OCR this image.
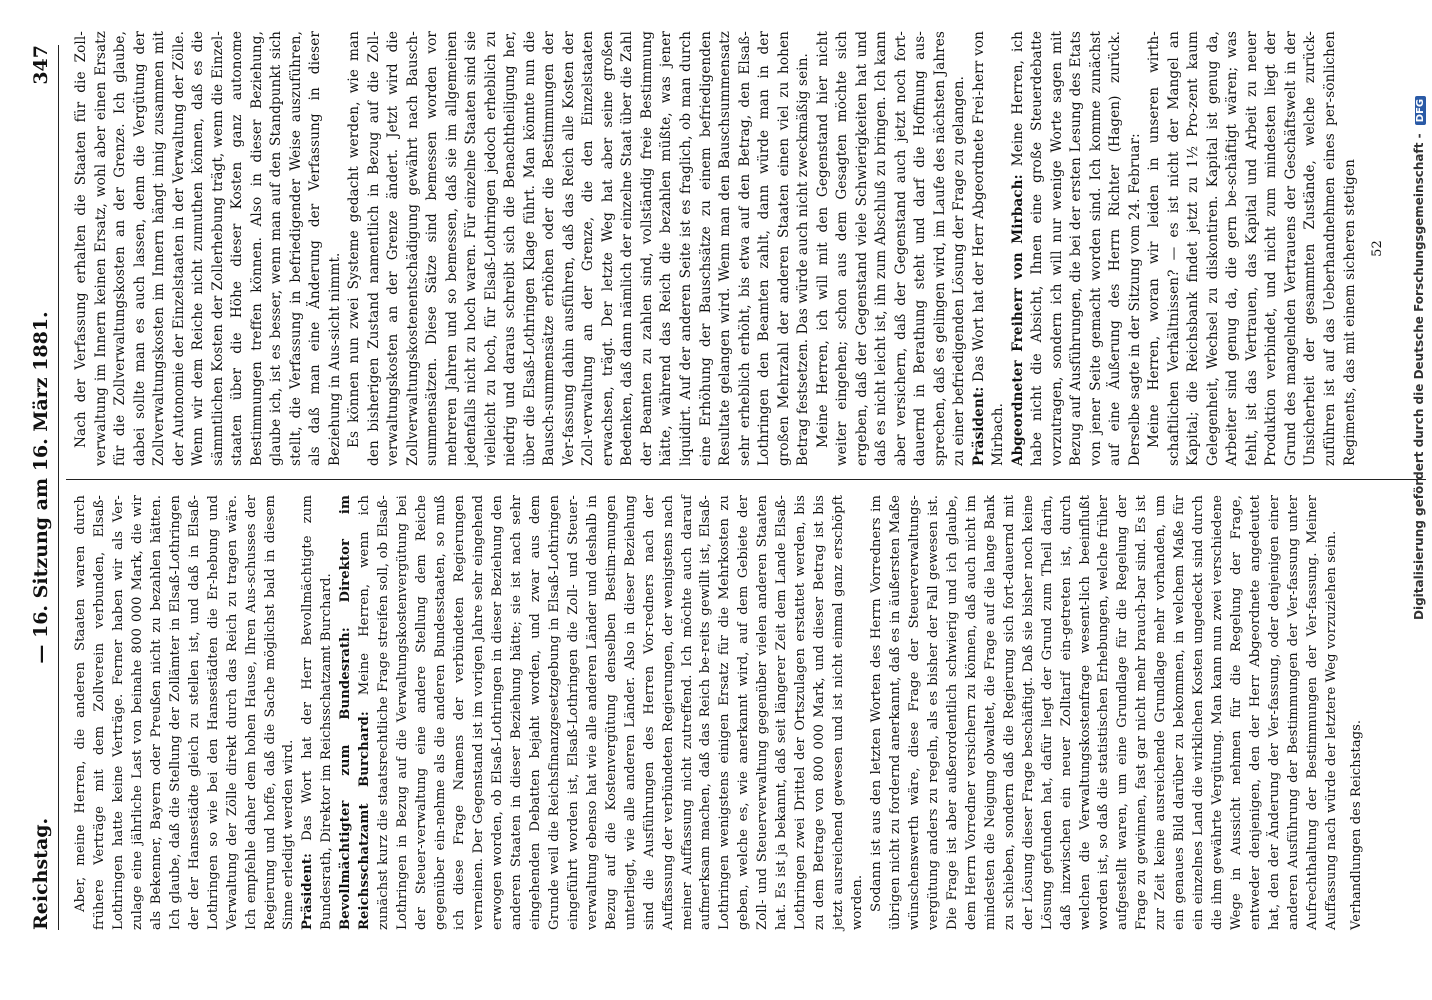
Reichstag.
— 16. Sitzung am 16. März 1881.
347

Aber, meine Herren, die anderen Staaten waren durch frühere Verträge mit dem Zollverein verbunden, Elsaß-Lothringen hatte keine Verträge. Ferner haben wir als Ver-zulage eine jährliche Last von beinahe 800 000 Mark, die wir als Bekenner, Bayern oder Preußen nicht zu bezahlen hätten. Ich glaube, daß die Stellung der Zollämter in Elsaß-Lothringen der der Hansestädte gleich zu stellen ist, und daß in Elsaß-Lothringen so wie bei den Hansestädten die Er-hebung und Verwaltung der Zölle direkt durch das Reich zu tragen wäre. Ich empfehle daher dem hohen Hause, Ihren Aus-schusses der Regierung und hoffe, daß die Sache möglichst bald in diesem Sinne erledigt werden wird. Präsident: Das Wort hat der Herr Bevollmächtigte zum Bundesrath, Direktor im Reichsschatzamt Burchard. Bevollmächtigter zum Bundesrath: Direktor im Reichsschatzamt Burchard: Meine Herren, wenn ich zunächst kurz die staatsrechtliche Frage streifen soll, ob Elsaß-Lothringen in Bezug auf die Verwaltungskostenvergütung bei der Steuer-verwaltung eine andere Stellung dem Reiche gegenüber ein-nehme als die anderen Bundesstaaten, so muß ich diese Frage Namens der verbündeten Regierungen verneinen. Der Gegenstand ist im vorigen Jahre sehr eingehend erwogen worden, ob Elsaß-Lothringen in dieser Beziehung den anderen Staaten in dieser Beziehung hätte; sie ist nach sehr eingehenden Debatten bejaht worden, und zwar aus dem Grunde weil die Reichsfinanzgesetzgebung in Elsaß-Lothringen eingeführt worden ist, Elsaß-Lothringen die Zoll- und Steuer-verwaltung ebenso hat wie alle anderen Länder und deshalb in Bezug auf die Kostenvergütung denselben Bestim-mungen unterliegt, wie alle anderen Länder. Also in dieser Beziehung sind die Ausführungen des Herren Vor-redners nach der Auffassung der verbündeten Regierungen, der wenigstens nach meiner Auffassung nicht zutreffend. Ich möchte auch darauf aufmerksam machen, daß das Reich be-reits gewillt ist, Elsaß-Lothringen wenigstens einigen Ersatz für die Mehrkosten zu geben, welche es, wie anerkannt wird, auf dem Gebiete der Zoll- und Steuerverwaltung gegenüber vielen anderen Staaten hat. Es ist ja bekannt, daß seit längerer Zeit dem Lande Elsaß-Lothringen zwei Drittel der Ortszulagen erstattet werden, bis zu dem Betrage von 800 000 Mark, und dieser Betrag ist bis jetzt ausreichend gewesen und ist nicht einmal ganz erschöpft worden. Sodann ist aus den letzten Worten des Herrn Vorredners im übrigen nicht zu fordernd anerkannt, daß es in äußersten Maße wünschenswerth wäre, diese Frage der Steuerverwaltungs-vergütung anders zu regeln, als es bisher der Fall gewesen ist. Die Frage ist aber außerordentlich schwierig und ich glaube, dem Herrn Vorredner versichern zu können, daß auch nicht im mindesten die Neigung obwaltet, die Frage auf die lange Bank zu schieben, sondern daß die Regierung sich fort-dauernd mit der Lösung dieser Frage beschäftigt. Daß sie bisher noch keine Lösung gefunden hat, dafür liegt der Grund zum Theil darin, daß inzwischen ein neuer Zolltarif ein-getreten ist, durch welchen die Verwaltungskostenfrage wesent-lich beeinflußt worden ist, so daß die statistischen Erhebungen, welche früher aufgestellt waren, um eine Grundlage für die Regelung der Frage zu gewinnen, fast gar nicht mehr brauch-bar sind. Es ist zur Zeit keine ausreichende Grundlage mehr vorhanden, um ein genaues Bild darüber zu bekommen, in welchem Maße für ein einzelnes Land die wirklichen Kosten ungedeckt sind durch die ihm gewährte Vergütung. Man kann nun zwei verschiedene Wege in Aussicht nehmen für die Regelung der Frage, entweder denjenigen, den der Herr Abgeordnete angedeutet hat, den der Änderung der Ver-fassung, oder denjenigen einer anderen Ausführung der Bestimmungen der Ver-fassung unter Aufrechthaltung der Bestimmungen der Ver-fassung. Meiner Auffassung nach würde der letztere Weg vorzuziehen sein. Verhandlungen des Reichstags.

Nach der Verfassung erhalten die Staaten für die Zoll-verwaltung im Innern keinen Ersatz, wohl aber einen Ersatz für die Zollverwaltungskosten an der Grenze. Ich glaube, dabei sollte man es auch lassen, denn die Vergütung der Zollverwaltungskosten im Innern hängt innig zusammen mit der Autonomie der Einzelstaaten in der Verwaltung der Zölle. Wenn wir dem Reiche nicht zumuthen können, daß es die sämmtlichen Kosten der Zollerhebung trägt, wenn die Einzel-staaten über die Höhe dieser Kosten ganz autonome Bestimmungen treffen können. Also in dieser Beziehung, glaube ich, ist es besser, wenn man auf den Standpunkt sich stellt, die Verfassung in befriedigender Weise auszuführen, als daß man eine Änderung der Verfassung in dieser Beziehung in Aus-sicht nimmt. Es können nun zwei Systeme gedacht werden, wie man den bisherigen Zustand namentlich in Bezug auf die Zoll-verwaltungskosten an der Grenze ändert. Jetzt wird die Zollverwaltungskostenentschädigung gewährt nach Bausch-summensätzen. Diese Sätze sind bemessen worden vor mehreren Jahren und so bemessen, daß sie im allgemeinen jedenfalls nicht zu hoch waren. Für einzelne Staaten sind sie vielleicht zu hoch, für Elsaß-Lothringen jedoch erheblich zu niedrig und daraus schreibt sich die Benachtheiligung her, über die Elsaß-Lothringen Klage führt. Man könnte nun die Bausch-summensätze erhöhen oder die Bestimmungen der Ver-fassung dahin ausführen, daß das Reich alle Kosten der Zoll-verwaltung an der Grenze, die den Einzelstaaten erwachsen, trägt. Der letzte Weg hat aber seine großen Bedenken, daß dann nämlich der einzelne Staat über die Zahl der Beamten zu zahlen sind, vollständig freie Bestimmung hätte, während das Reich die bezahlen müßte, was jener liquidirt. Auf der anderen Seite ist es fraglich, ob man durch eine Erhöhung der Bauschsätze zu einem befriedigenden Resultate gelangen wird. Wenn man den Bauschsummensatz sehr erheblich erhöht, bis etwa auf den Betrag, den Elsaß-Lothringen den Beamten zahlt, dann würde man in der großen Mehrzahl der anderen Staaten einen viel zu hohen Betrag festsetzen. Das würde auch nicht zweckmäßig sein. Meine Herren, ich will mit den Gegenstand hier nicht weiter eingehen; schon aus dem Gesagten möchte sich ergeben, daß der Gegenstand viele Schwierigkeiten hat und daß es nicht leicht ist, ihn zum Abschluß zu bringen. Ich kann aber versichern, daß der Gegenstand auch jetzt noch fort-dauernd in Berathung steht und darf die Hoffnung aus-sprechen, daß es gelingen wird, im Laufe des nächsten Jahres zu einer befriedigenden Lösung der Frage zu gelangen. Präsident: Das Wort hat der Herr Abgeordnete Frei-herr von Mirbach. Abgeordneter Freiherr von Mirbach: Meine Herren, ich habe nicht die Absicht, Ihnen eine große Steuerdebatte vorzutragen, sondern ich will nur wenige Worte sagen mit Bezug auf Ausführungen, die bei der ersten Lesung des Etats von jener Seite gemacht worden sind. Ich komme zunächst auf eine Äußerung des Herrn Richter (Hagen) zurück. Derselbe sagte in der Sitzung vom 24. Februar: Meine Herren, woran wir leiden in unseren wirth-schaftlichen Verhältnissen? — es ist nicht der Mangel an Kapital; die Reichsbank findet jetzt zu 1½ Pro-zent kaum Gelegenheit, Wechsel zu diskontiren. Kapital ist genug da, Arbeiter sind genug da, die gern be-schäftigt wären; was fehlt, ist das Vertrauen, das Kapital und Arbeit zu neuer Produktion verbindet, und nicht zum mindesten liegt der Grund des mangelnden Vertrauens der Geschäftswelt in der Unsicherheit der gesammten Zustände, welche zurück-zuführen ist auf das Ueberhandnehmen eines per-sönlichen Regiments, das mit einem sicheren stetigen 52 Digitalisierung gefördert durch die Deutsche Forschungsgemeinschaft - DFG
